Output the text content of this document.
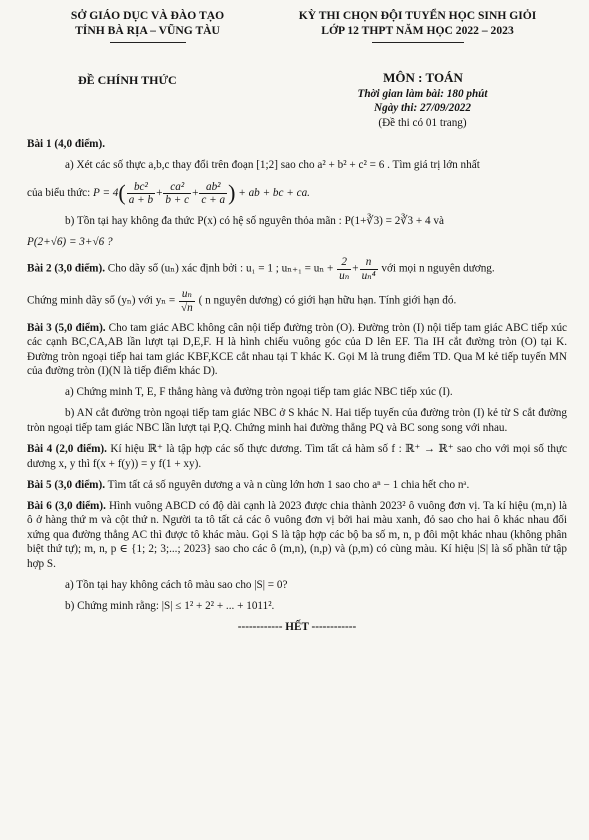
SỞ GIÁO DỤC VÀ ĐÀO TẠO
TỈNH BÀ RỊA – VŨNG TÀU
KỲ THI CHỌN ĐỘI TUYỂN HỌC SINH GIỎI
LỚP 12 THPT NĂM HỌC 2022 – 2023
ĐỀ CHÍNH THỨC	MÔN : TOÁN
Thời gian làm bài: 180 phút
Ngày thi: 27/09/2022
(Đề thi có 01 trang)

Bài 1 (4,0 điểm).

a) Xét các số thực a,b,c thay đổi trên đoạn [1;2] sao cho a² + b² + c² = 6 . Tìm giá trị lớn nhất

của biểu thức: $P = 4( \frac{\text{bc²}}{a + b} + \frac{\text{ca²}}{b + c} + \frac{\text{ab²}}{c + a}$ ) + ab + bc + ca.

b) Tồn tại hay không đa thức P(x) có hệ số nguyên thỏa mãn : P(1+∛3) = 2∛3 + 4 và

P(2+√6) = 3+√6 ?

Bài 2 (3,0 điểm). Cho dãy số (uₙ) xác định bởi : u₁ = 1 ; $u_{n+1} = u_n + \frac{2}{\text{uₙ}} + \frac{n}{\text{uₙ⁴}}$ với mọi n nguyên dương.

Chứng minh dãy số (yₙ) với $y_n = \frac{\text{uₙ}}{√n}$ ( n nguyên dương) có giới hạn hữu hạn. Tính giới hạn đó.

Bài 3 (5,0 điểm). Cho tam giác ABC không cân nội tiếp đường tròn (O). Đường tròn (I) nội tiếp tam giác ABC tiếp xúc các cạnh BC,CA,AB lần lượt tại D,E,F. H là hình chiếu vuông góc của D lên EF. Tia IH cắt đường tròn (O) tại K. Đường tròn ngoại tiếp hai tam giác KBF,KCE cắt nhau tại T khác K. Gọi M là trung điểm TD. Qua M kẻ tiếp tuyến MN của đường tròn (I)(N là tiếp điểm khác D).

a) Chứng minh T, E, F thẳng hàng và đường tròn ngoại tiếp tam giác NBC tiếp xúc (I).

b) AN cắt đường tròn ngoại tiếp tam giác NBC ở S khác N. Hai tiếp tuyến của đường tròn (I) kẻ từ S cắt đường tròn ngoại tiếp tam giác NBC lần lượt tại P,Q. Chứng minh hai đường thẳng PQ và BC song song với nhau.

Bài 4 (2,0 điểm). Kí hiệu ℝ⁺ là tập hợp các số thực dương. Tìm tất cả hàm số f : ℝ⁺ → ℝ⁺ sao cho với mọi số thực dương x, y thì f(x + f(y)) = y f(1 + xy).

Bài 5 (3,0 điểm). Tìm tất cả số nguyên dương a và n cùng lớn hơn 1 sao cho aⁿ − 1 chia hết cho nᵃ.

Bài 6 (3,0 điểm). Hình vuông ABCD có độ dài cạnh là 2023 được chia thành 2023² ô vuông đơn vị. Ta kí hiệu (m,n) là ô ở hàng thứ m và cột thứ n. Người ta tô tất cả các ô vuông đơn vị bởi hai màu xanh, đỏ sao cho hai ô khác nhau đối xứng qua đường thẳng AC thì được tô khác màu. Gọi S là tập hợp các bộ ba số m, n, p đôi một khác nhau (không phân biệt thứ tự); m, n, p ∈ {1; 2; 3;...; 2023} sao cho các ô (m,n), (n,p) và (p,m) có cùng màu. Kí hiệu |S| là số phần tử tập hợp S.

a) Tồn tại hay không cách tô màu sao cho |S| = 0?

b) Chứng minh rằng: |S| ≤ 1² + 2² + ... + 1011².

------------ HẾT ------------
